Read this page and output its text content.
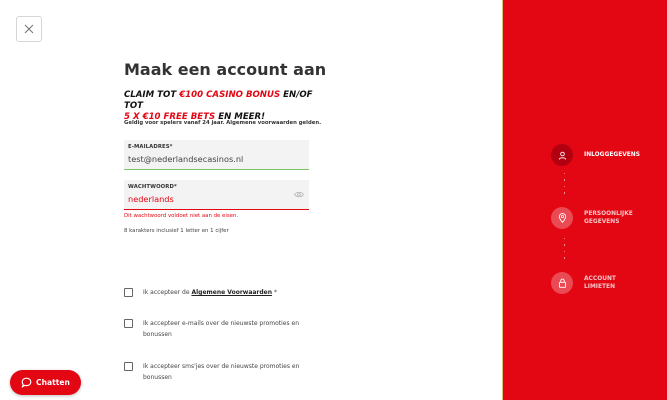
Maak een account aan
CLAIM TOT €100 CASINO BONUS EN/OF TOT
5 X €10 FREE BETS EN MEER!
Geldig voor spelers vanaf 24 jaar. Algemene voorwaarden gelden.
E-MAILADRES*
test@nederlandsecasinos.nl
WACHTWOORD*
nederlands
Dit wachtwoord voldoet niet aan de eisen.
8 karakters inclusief 1 letter en 1 cijfer
Ik accepteer de Algemene Voorwaarden *
Ik accepteer e-mails over de nieuwste promoties en bonussen
Ik accepteer sms'jes over de nieuwste promoties en bonussen
Chatten
INLOGGEGEVENS
PERSOONLIJKE
GEGEVENS
ACCOUNT
LIMIETEN
